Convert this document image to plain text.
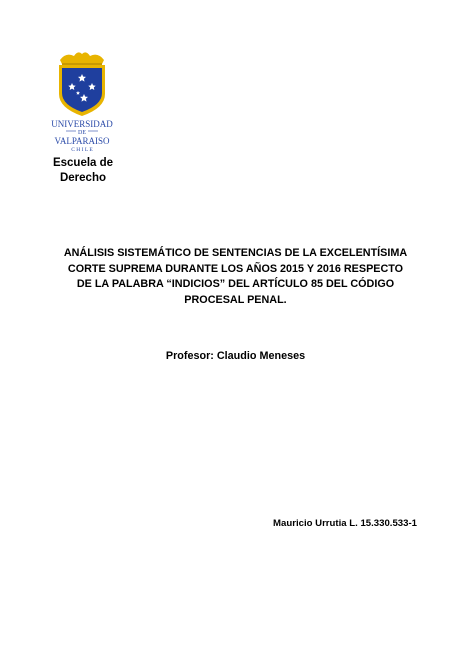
UNIVERSIDAD
DE
VALPARAISO
C H I L E
Escuela de
Derecho
ANÁLISIS SISTEMÁTICO DE SENTENCIAS DE LA EXCELENTÍSIMA
CORTE SUPREMA DURANTE LOS AÑOS 2015 Y 2016 RESPECTO
DE LA PALABRA “INDICIOS” DEL ARTÍCULO 85 DEL CÓDIGO
PROCESAL PENAL.
Profesor: Claudio Meneses
Mauricio Urrutia L. 15.330.533-1
